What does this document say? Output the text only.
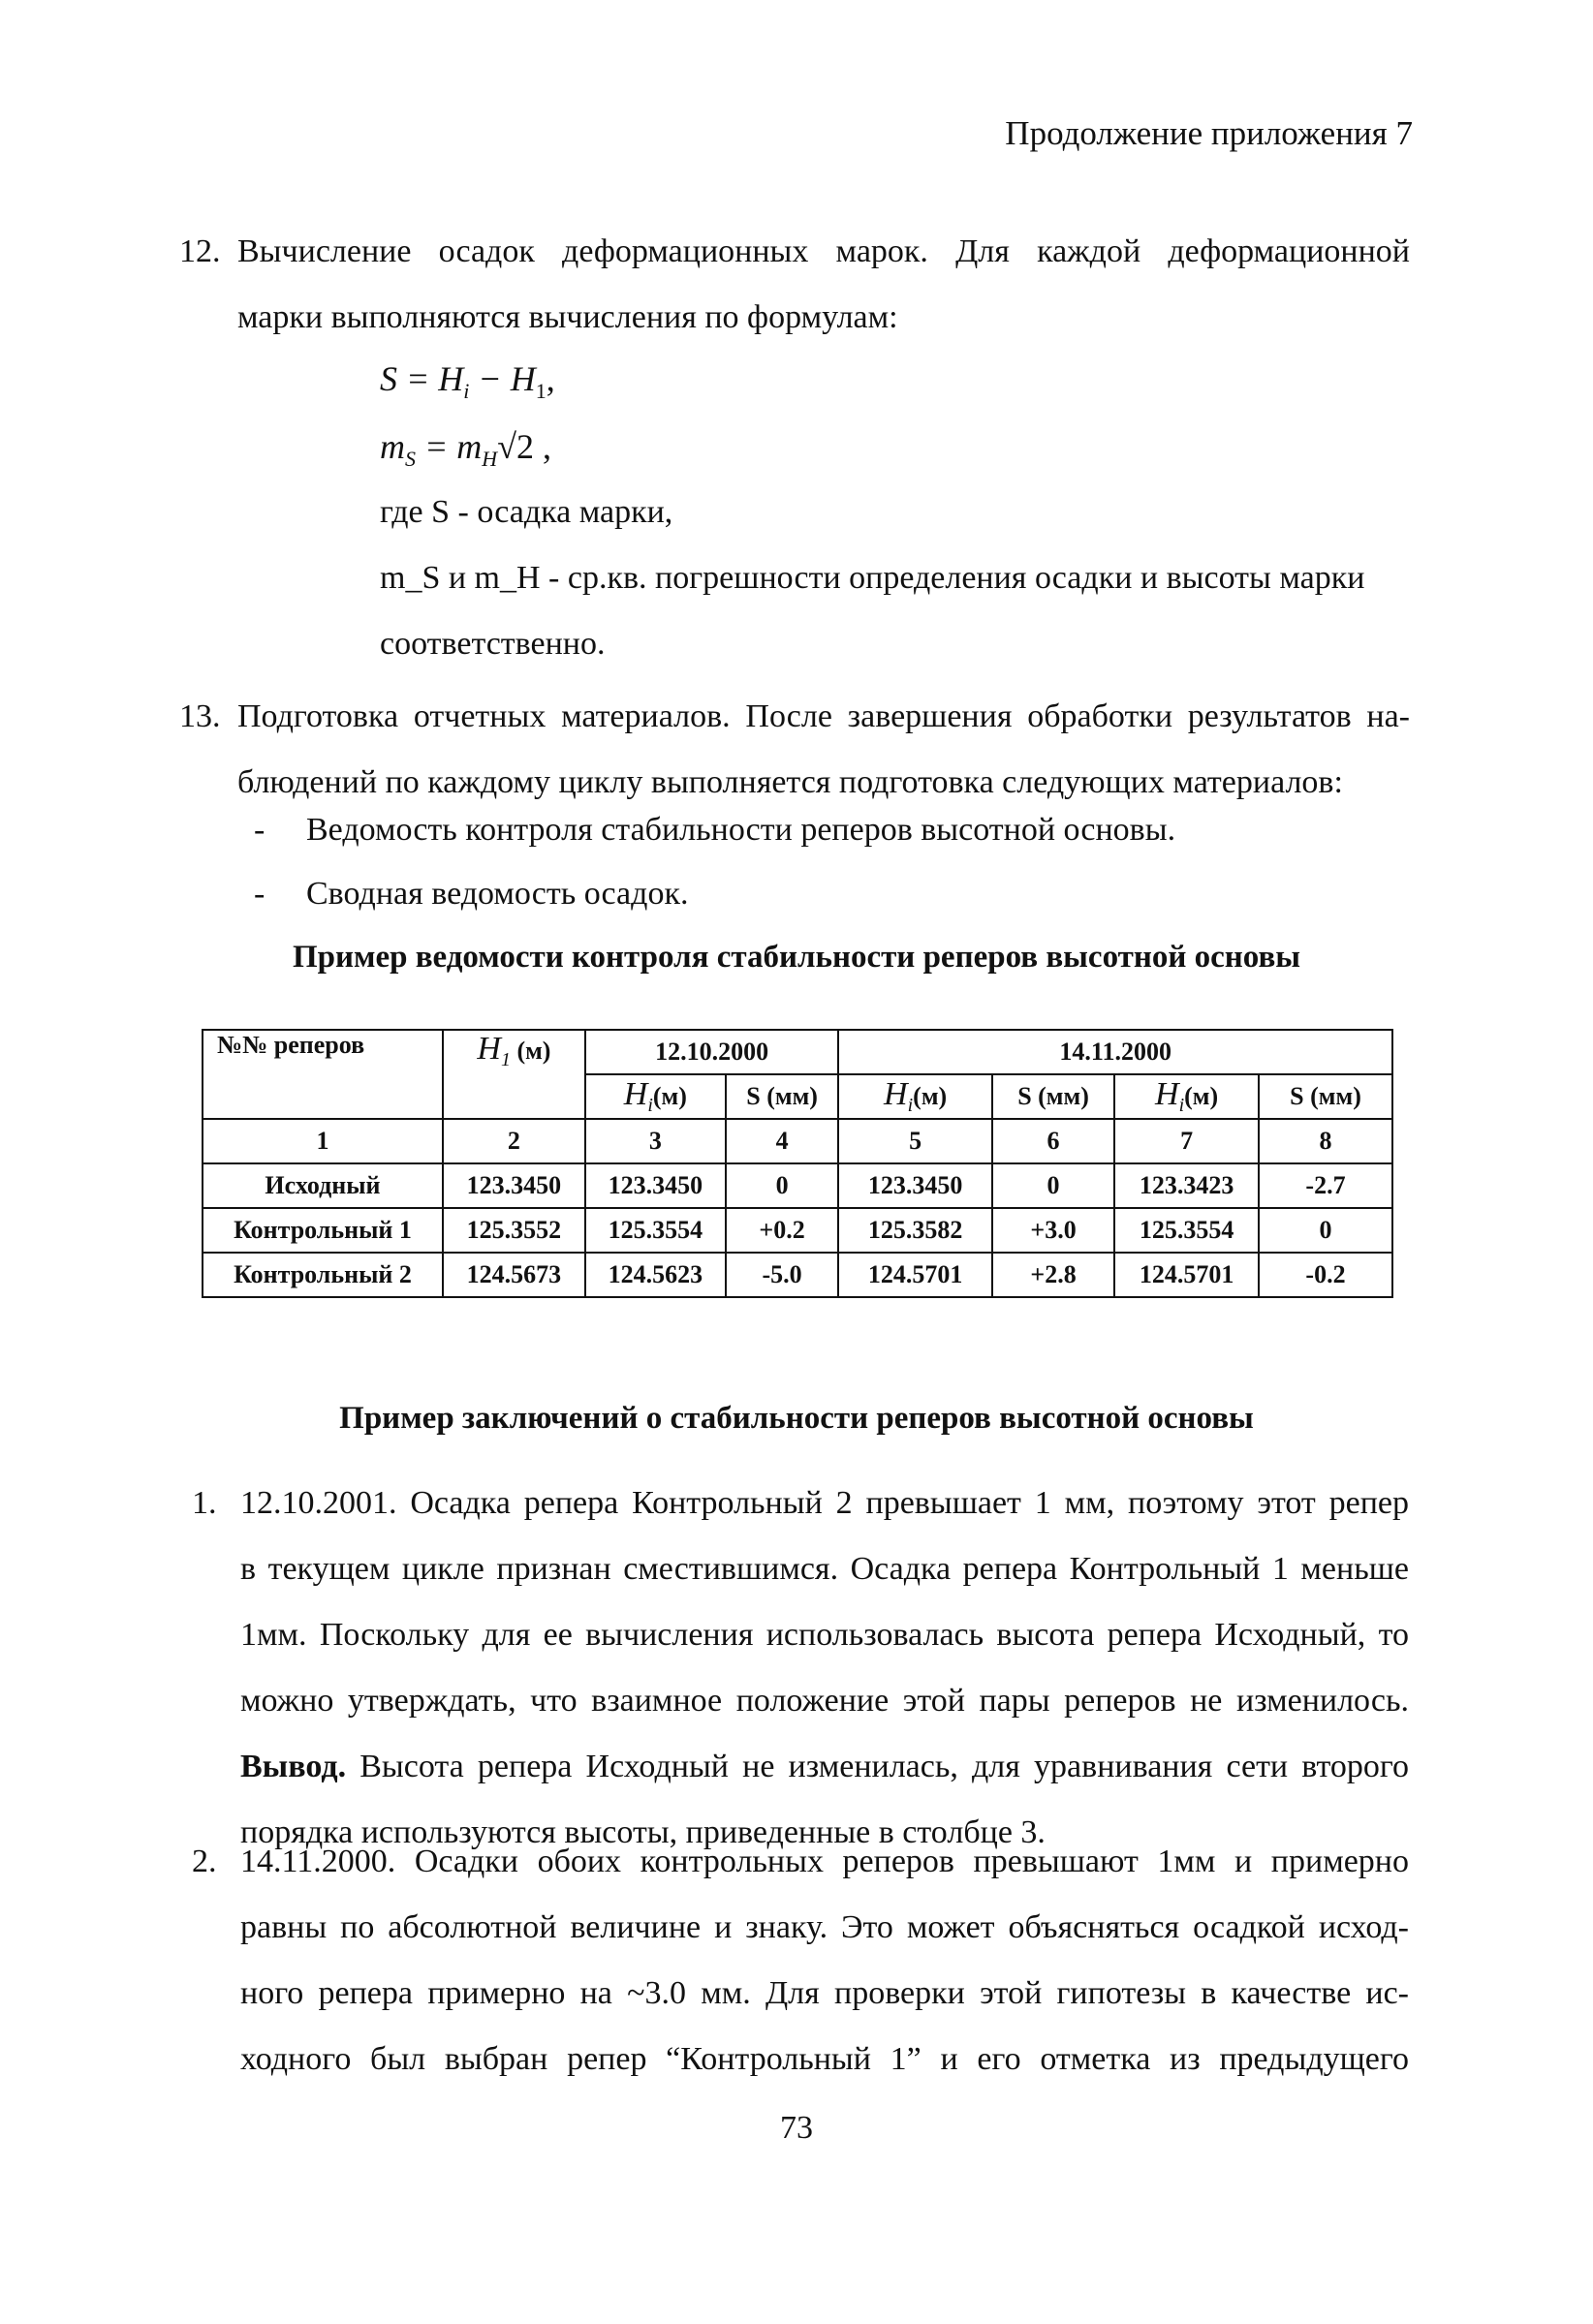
Продолжение приложения 7
12. Вычисление осадок деформационных марок. Для каждой деформационной
марки выполняются вычисления по формулам:
$S = H_i - H_1$,
$m_S = m_H√2$ ,
где S - осадка марки,
m_S и m_H - ср.кв. погрешности определения осадки и высоты марки
соответственно.
13. Подготовка отчетных материалов. После завершения обработки результатов на-
блюдений по каждому циклу выполняется подготовка следующих материалов:
- Ведомость контроля стабильности реперов высотной основы.
- Сводная ведомость осадок.
Пример ведомости контроля стабильности реперов высотной основы
№№ реперов	$H_1$ (м)	12.10.2000		14.11.2000			
		$H_i(м)$	S (мм)	$H_i(м)$	S (мм)	$H_i(м)$	S (мм)
1	2	3	4	5	6	7	8
Исходный	123.3450	123.3450	0	123.3450	0	123.3423	-2.7
Контрольный 1	125.3552	125.3554	+0.2	125.3582	+3.0	125.3554	0
Контрольный 2	124.5673	124.5623	-5.0	124.5701	+2.8	124.5701	-0.2
Пример заключений о стабильности реперов высотной основы
1. 12.10.2001. Осадка репера Контрольный 2 превышает 1 мм, поэтому этот репер
в текущем цикле признан сместившимся. Осадка репера Контрольный 1 меньше
1мм. Поскольку для ее вычисления использовалась высота репера Исходный, то
можно утверждать, что взаимное положение этой пары реперов не изменилось.
Вывод. Высота репера Исходный не изменилась, для уравнивания сети второго
порядка используются высоты, приведенные в столбце 3.
2. 14.11.2000. Осадки обоих контрольных реперов превышают 1мм и примерно
равны по абсолютной величине и знаку. Это может объясняться осадкой исход-
ного репера примерно на ~3.0 мм. Для проверки этой гипотезы в качестве ис-
ходного был выбран репер “Контрольный 1” и его отметка из предыдущего
73
